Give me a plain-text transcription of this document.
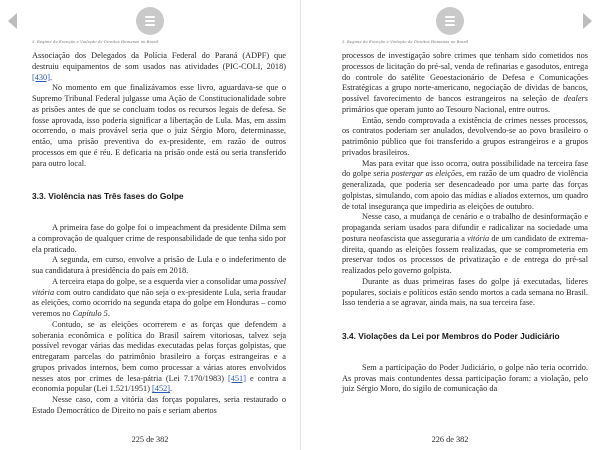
3. Regime de Exceção e Violação de Direitos Humanos no Brasil

Associação dos Delegados da Polícia Federal do Paraná (ADPF) que destruiu equipamentos de som usados nas atividades (PIC-COLI, 2018) [430].

No momento em que finalizávamos esse livro, aguardava-se que o Supremo Tribunal Federal julgasse uma Ação de Constitucionalidade sobre as prisões antes de que se concluam todos os recursos legais de defesa. Se fosse aprovada, isso poderia significar a libertação de Lula. Mas, em assim ocorrendo, o mais provável seria que o juiz Sérgio Moro, determinasse, então, uma prisão preventiva do ex-presidente, em razão de outros processos em que é réu. E deficaria na prisão onde está ou seria transferido para outro local.

3.3. Violência nas Três fases do Golpe

A primeira fase do golpe foi o impeachment da presidente Dilma sem a comprovação de qualquer crime de responsabilidade de que tenha sido por ela praticado.

A segunda, em curso, envolve a prisão de Lula e o indeferimento de sua candidatura à presidência do país em 2018.

A terceira etapa do golpe, se a esquerda vier a consolidar uma possível vitória com outro candidato que não seja o ex-presidente Lula, seria fraudar as eleições, como ocorrido na segunda etapa do golpe em Honduras – como veremos no Capítulo 5.

Contudo, se as eleições ocorrerem e as forças que defendem a soberania econômica e política do Brasil saírem vitoriosas, talvez seja possível revogar várias das medidas executadas pelas forças golpistas, que entregaram parcelas do patrimônio brasileiro a forças estrangeiras e a grupos privados internos, bem como processar a várias atores envolvidos nesses atos por crimes de lesa-pátria (Lei 7.170/1983) [451] e contra a economia popular (Lei 1.521/1951) [452].

Nesse caso, com a vitória das forças populares, seria restaurado o Estado Democrático de Direito no país e seriam abertos

225 de 382
3. Regime de Exceção e Violação de Direitos Humanos no Brasil

processos de investigação sobre crimes que tenham sido cometidos nos processos de licitação do pré-sal, venda de refinarias e gasodutos, entrega do controle do satélite Geoestacionário de Defesa e Comunicações Estratégicas a grupo norte-americano, negociação de dívidas de bancos, possível favorecimento de bancos estrangeiros na seleção de dealers primários que operam junto ao Tesouro Nacional, entre outros.

Então, sendo comprovada a existência de crimes nesses processos, os contratos poderiam ser anulados, devolvendo-se ao povo brasileiro o patrimônio público que foi transferido a grupos estrangeiros e a grupos privados brasileiros.

Mas para evitar que isso ocorra, outra possibilidade na terceira fase do golpe seria postergar as eleições, em razão de um quadro de violência generalizada, que poderia ser desencadeado por uma parte das forças golpistas, simulando, com apoio das mídias e aliados externos, um quadro de total insegurança que impediria as eleições de outubro.

Nesse caso, a mudança de cenário e o trabalho de desinformação e propaganda seriam usados para difundir e radicalizar na sociedade uma postura neofascista que asseguraria a vitória de um candidato de extrema-direita, quando as eleições fossem realizadas, que se comprometeria em preservar todos os processos de privatização e de entrega do pré-sal realizados pelo governo golpista.

Durante as duas primeiras fases do golpe já executadas, líderes populares, sociais e políticos estão sendo mortos a cada semana no Brasil. Isso tenderia a se agravar, ainda mais, na sua terceira fase.

3.4. Violações da Lei por Membros do Poder Judiciário

Sem a participação do Poder Judiciário, o golpe não teria ocorrido. As provas mais contundentes dessa participação foram: a violação, pelo juiz Sérgio Moro, do sigilo de comunicação da

226 de 382
